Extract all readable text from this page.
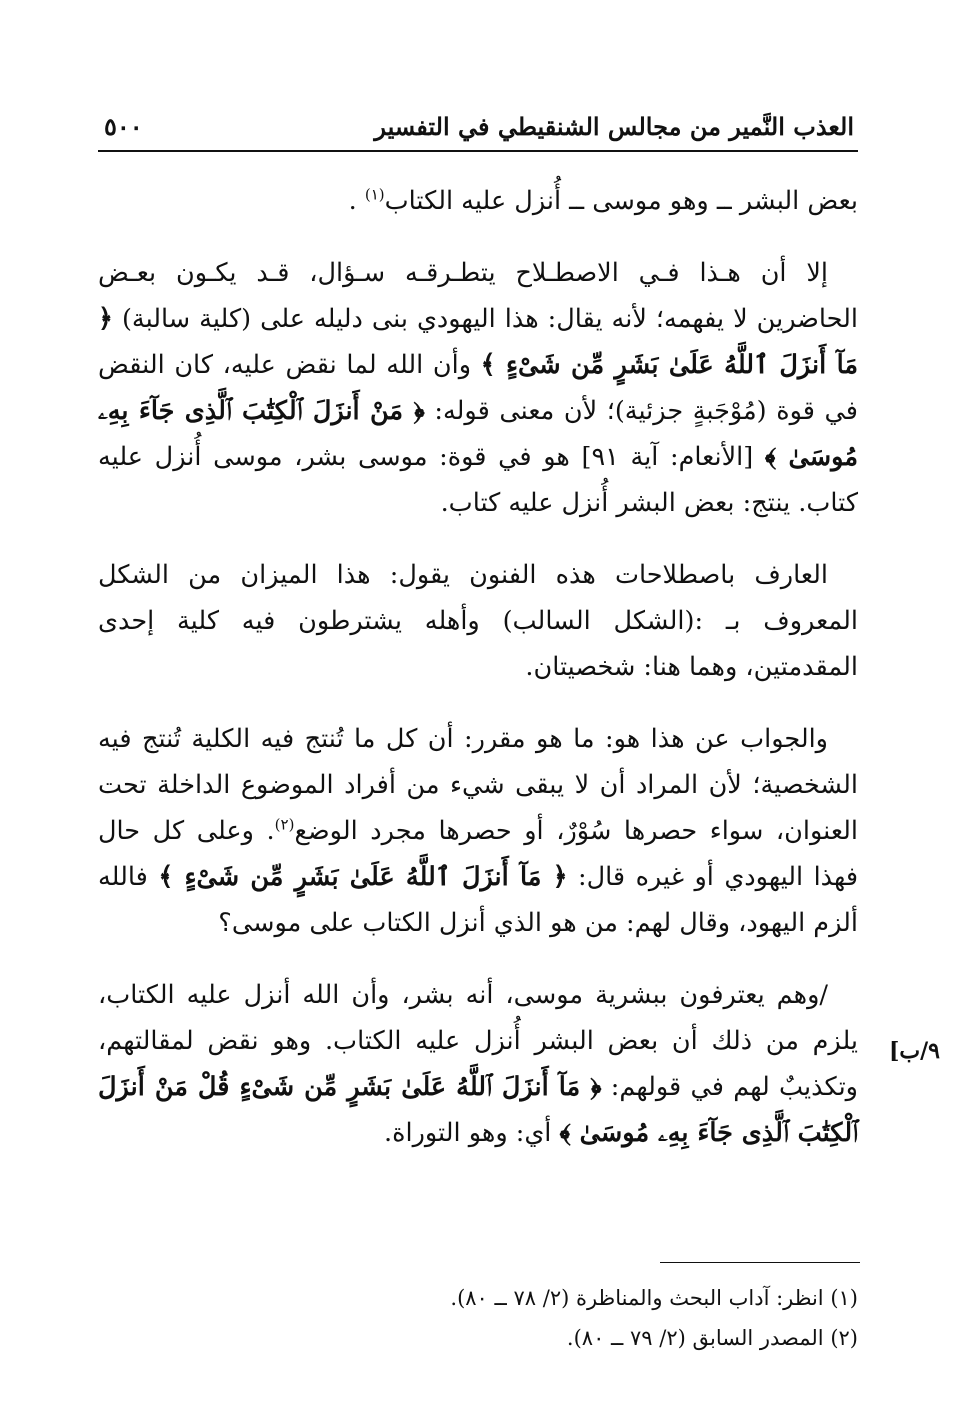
العذب النَّمير من مجالس الشنقيطي في التفسير
٥٠٠

بعض البشر ــ وهو موسى ــ أُنزل عليه الكتاب$^{(١)}$ .

إلا أن هـذا فـي الاصطـلاح يتطـرقـه سـؤال، قـد يكـون بعـض الحاضرين لا يفهمه؛ لأنه يقال: هذا اليهودي بنى دليله على (كلية سالبة) ﴿ مَآ أَنزَلَ ٱللَّهُ عَلَىٰ بَشَرٍ مِّن شَىْءٍ ﴾ وأن الله لما نقض عليه، كان النقض في قوة (مُوْجَبةٍ جزئية)؛ لأن معنى قوله: ﴿ مَنْ أَنزَلَ ٱلْكِتَٰبَ ٱلَّذِى جَآءَ بِهِۦ مُوسَىٰ ﴾ [الأنعام: آية ٩١] هو في قوة: موسى بشر، موسى أُنزل عليه كتاب. ينتج: بعض البشر أُنزل عليه كتاب.

العارف باصطلاحات هذه الفنون يقول: هذا الميزان من الشكل المعروف بـ :(الشكل السالب) وأهله يشترطون فيه كلية إحدى المقدمتين، وهما هنا: شخصيتان.

والجواب عن هذا هو: ما هو مقرر: أن كل ما تُنتج فيه الكلية تُنتج فيه الشخصية؛ لأن المراد أن لا يبقى شيء من أفراد الموضوع الداخلة تحت العنوان، سواء حصرها سُوْرٌ، أو حصرها مجرد الوضع$^{(٢)}$. وعلى كل حال فهذا اليهودي أو غيره قال: ﴿ مَآ أَنزَلَ ٱللَّهُ عَلَىٰ بَشَرٍ مِّن شَىْءٍ ﴾ فالله ألزم اليهود، وقال لهم: من هو الذي أنزل الكتاب على موسى؟

/وهم يعترفون ببشرية موسى، أنه بشر، وأن الله أنزل عليه الكتاب، يلزم من ذلك أن بعض البشر أُنزل عليه الكتاب. وهو نقض لمقالتهم، وتكذيبٌ لهم في قولهم: ﴿ مَآ أَنزَلَ ٱللَّهُ عَلَىٰ بَشَرٍ مِّن شَىْءٍ قُلْ مَنْ أَنزَلَ ٱلْكِتَٰبَ ٱلَّذِى جَآءَ بِهِۦ مُوسَىٰ ﴾ أي: وهو التوراة.

٩/ب]
(١) انظر: آداب البحث والمناظرة (٢/ ٧٨ ــ ٨٠).
(٢) المصدر السابق (٢/ ٧٩ ــ ٨٠).
